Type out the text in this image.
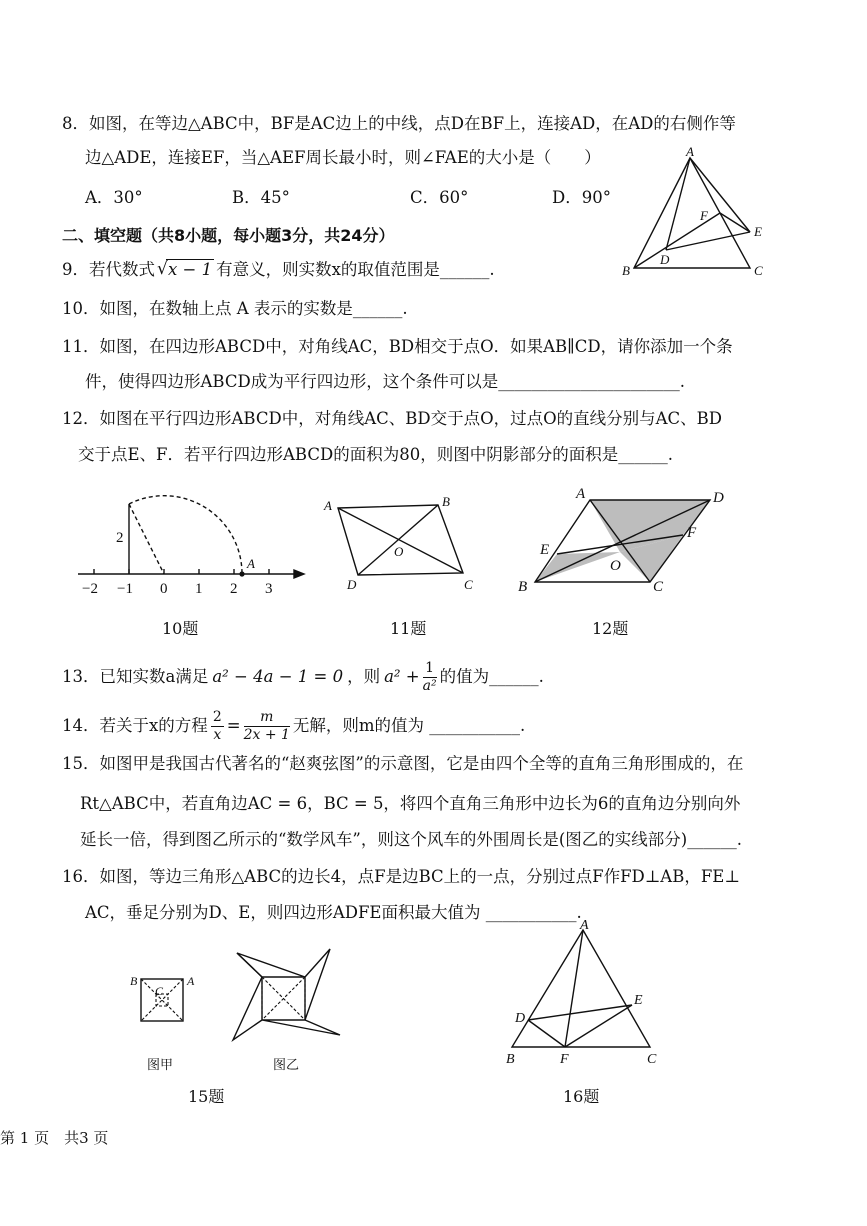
8．如图，在等边△ABC中，BF是AC边上的中线，点D在BF上，连接AD，在AD的右侧作等
边△ADE，连接EF，当△AEF周长最小时，则∠FAE的大小是（　　）
A．30°	B．45°	C．60°	D．90°
A
B	C
D
E
F
二、填空题（共8小题，每小题3分，共24分）
9．若代数式 √ x − 1 有意义，则实数x的取值范围是______.
10．如图，在数轴上点 A 表示的实数是______.
11．如图，在四边形ABCD中，对角线AC，BD相交于点O．如果AB∥CD，请你添加一个条
件，使得四边形ABCD成为平行四边形，这个条件可以是______________________.
12．如图在平行四边形ABCD中，对角线AC、BD交于点O，过点O的直线分别与AC、BD
交于点E、F．若平行四边形ABCD的面积为80，则图中阴影部分的面积是______.
−2 −1 0 1 2 3
2
A
10题
A	B
C
D
O
11题
A
B	C
D
E
F
O
12题
13．已知实数a满足 a² − 4a − 1 = 0 ，则 $a^2 + \frac{1}{\text{a²}}$ 的值为______.
14．若关于x的方程 $\frac{2}{x} = \frac{m}{2x + 1}$ 无解，则m的值为 ___________.
15．如图甲是我国古代著名的“赵爽弦图”的示意图，它是由四个全等的直角三角形围成的，在
Rt△ABC中，若直角边AC = 6，BC = 5，将四个直角三角形中边长为6的直角边分别向外
延长一倍，得到图乙所示的“数学风车”，则这个风车的外围周长是(图乙的实线部分)______.
16．如图，等边三角形△ABC的边长4，点F是边BC上的一点，分别过点F作FD⊥AB，FE⊥
AC，垂足分别为D、E，则四边形ADFE面积最大值为 ___________.
B	A
C
图甲	图乙
15题
A
B	C
D
E
F
16题
第 1 页　共3 页
